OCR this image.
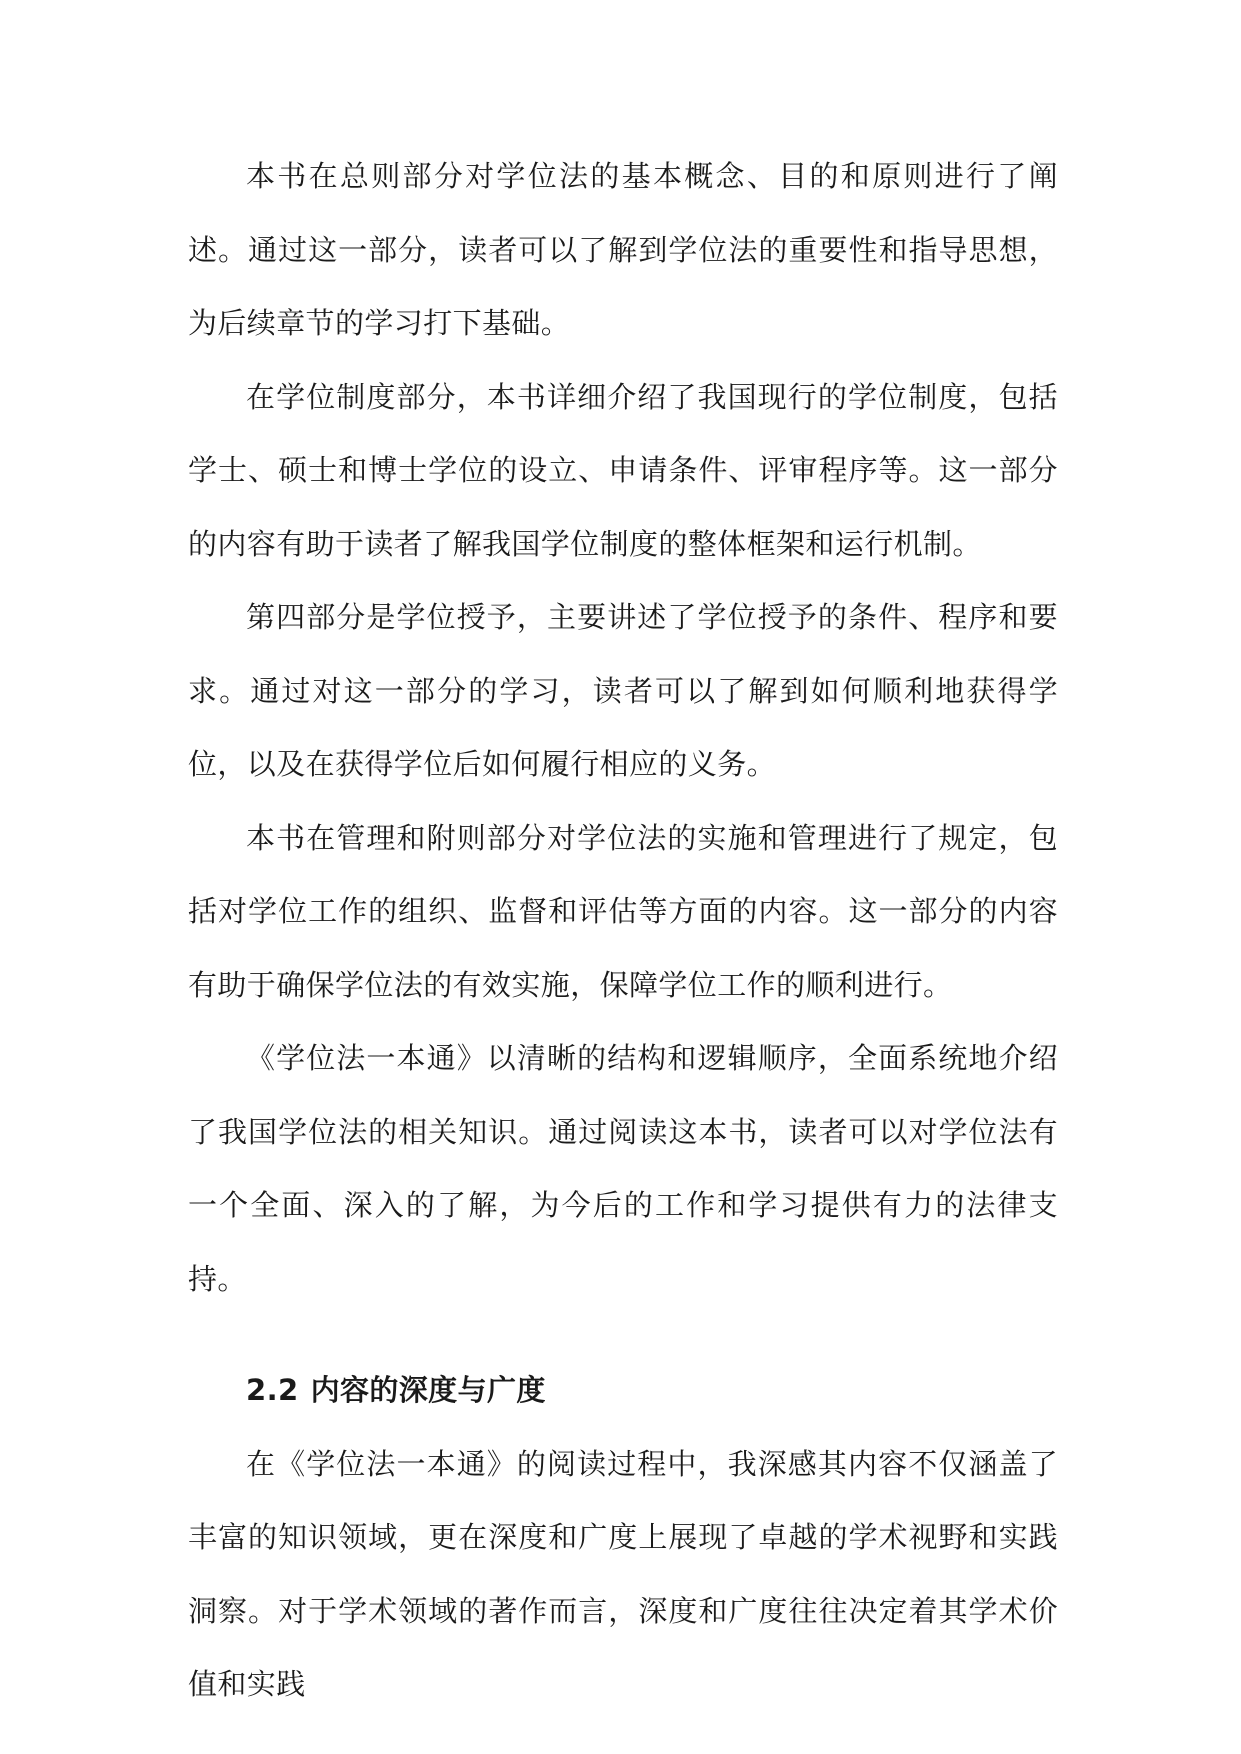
本书在总则部分对学位法的基本概念、目的和原则进行了阐述。通过这一部分，读者可以了解到学位法的重要性和指导思想，为后续章节的学习打下基础。

在学位制度部分，本书详细介绍了我国现行的学位制度，包括学士、硕士和博士学位的设立、申请条件、评审程序等。这一部分的内容有助于读者了解我国学位制度的整体框架和运行机制。

第四部分是学位授予，主要讲述了学位授予的条件、程序和要求。通过对这一部分的学习，读者可以了解到如何顺利地获得学位，以及在获得学位后如何履行相应的义务。

本书在管理和附则部分对学位法的实施和管理进行了规定，包括对学位工作的组织、监督和评估等方面的内容。这一部分的内容有助于确保学位法的有效实施，保障学位工作的顺利进行。

《学位法一本通》以清晰的结构和逻辑顺序，全面系统地介绍了我国学位法的相关知识。通过阅读这本书，读者可以对学位法有一个全面、深入的了解，为今后的工作和学习提供有力的法律支持。

2.2 内容的深度与广度

在《学位法一本通》的阅读过程中，我深感其内容不仅涵盖了丰富的知识领域，更在深度和广度上展现了卓越的学术视野和实践洞察。对于学术领域的著作而言，深度和广度往往决定着其学术价值和实践
